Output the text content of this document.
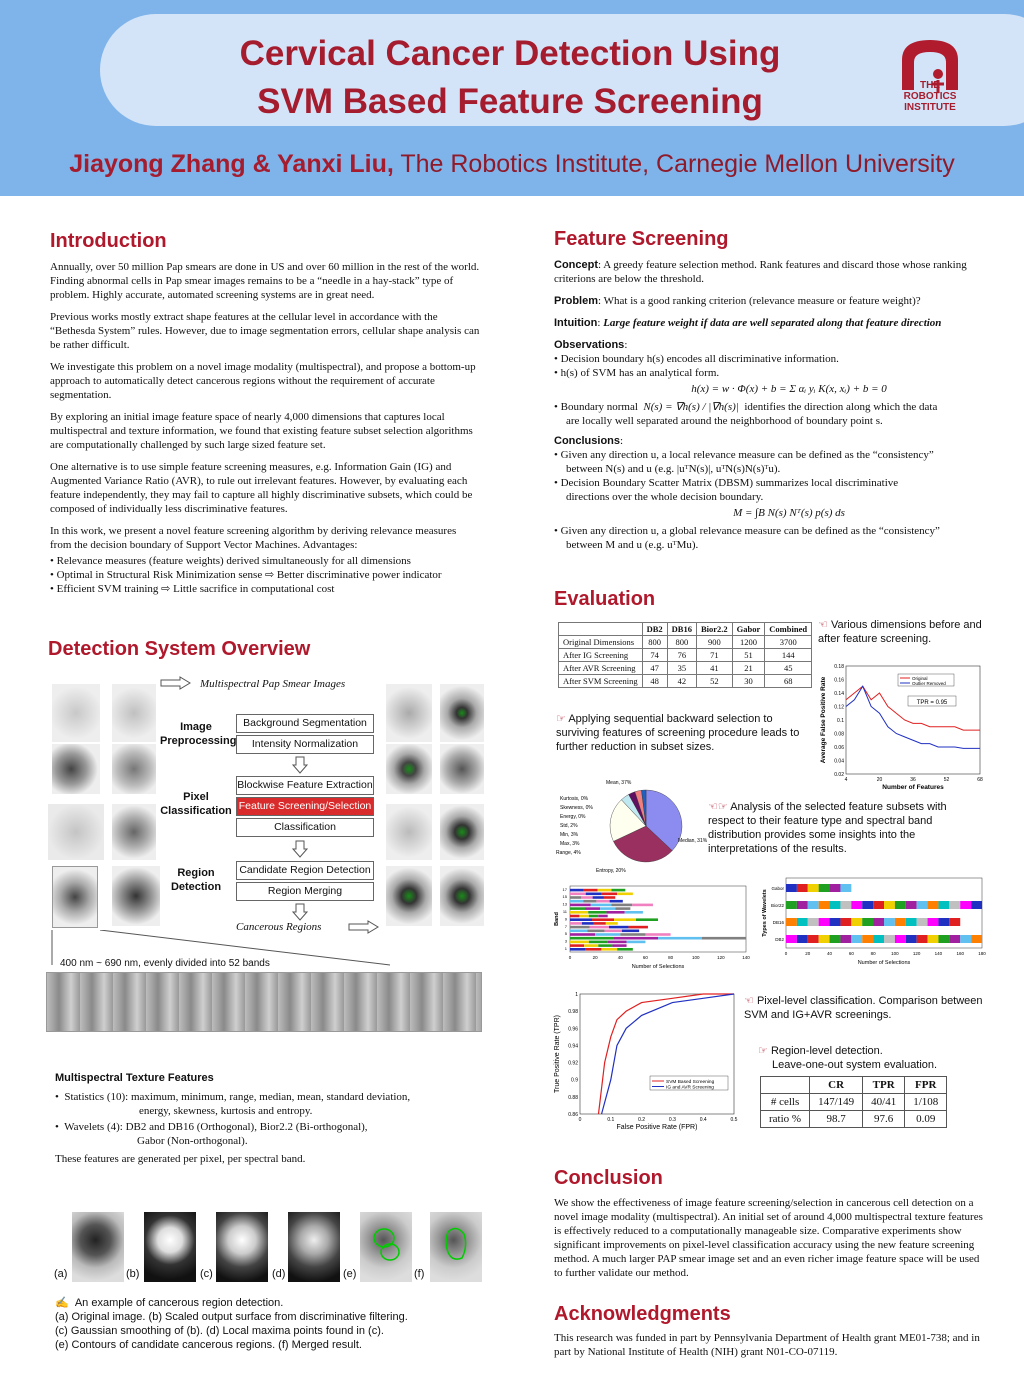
Cervical Cancer Detection Using
SVM Based Feature Screening	THE
ROBOTICS
INSTITUTE
Jiayong Zhang & Yanxi Liu, The Robotics Institute, Carnegie Mellon University
Introduction

Annually, over 50 million Pap smears are done in US and over 60 million in the rest of the world. Finding abnormal cells in Pap smear images remains to be a “needle in a hay-stack” type of problem. Highly accurate, automated screening systems are in great need.

Previous works mostly extract shape features at the cellular level in accordance with the “Bethesda System” rules. However, due to image segmentation errors, cellular shape analysis can be rather difficult.

We investigate this problem on a novel image modality (multispectral), and propose a bottom-up approach to automatically detect cancerous regions without the requirement of accurate segmentation.

By exploring an initial image feature space of nearly 4,000 dimensions that captures local multispectral and texture information, we found that existing feature subset selection algorithms are computationally challenged by such large sized feature set.

One alternative is to use simple feature screening measures, e.g. Information Gain (IG) and Augmented Variance Ratio (AVR), to rule out irrelevant features. However, by evaluating each feature independently, they may fail to capture all highly discriminative subsets, which could be composed of individually less discriminative features.

In this work, we present a novel feature screening algorithm by deriving relevance measures from the decision boundary of Support Vector Machines. Advantages:

• Relevance measures (feature weights) derived simultaneously for all dimensions
• Optimal in Structural Risk Minimization sense ⇨ Better discriminative power indicator
• Efficient SVM training ⇨ Little sacrifice in computational cost
Detection System Overview
Multispectral Pap Smear Images
Image
Preprocessing
Background Segmentation
Intensity Normalization
Pixel
Classification
Blockwise Feature Extraction
Feature Screening/Selection
Classification
Region
Detection
Candidate Region Detection
Region Merging
Cancerous Regions
400 nm ~ 690 nm, evenly divided into 52 bands
Multispectral Texture Features
•  Statistics (10): maximum, minimum, range, median, mean, standard deviation,
energy, skewness, kurtosis and entropy.
•  Wavelets (4): DB2 and DB16 (Orthogonal), Bior2.2 (Bi-orthogonal),
Gabor (Non-orthogonal).
These features are generated per pixel, per spectral band.
(a)	(b)	(c)	(d)	(e)	(f)
✍ An example of cancerous region detection.
(a) Original image. (b) Scaled output surface from discriminative filtering.
(c) Gaussian smoothing of (b). (d) Local maxima points found in (c).
(e) Contours of candidate cancerous regions. (f) Merged result.
Feature Screening

Concept: A greedy feature selection method. Rank features and discard those whose ranking criterions are below the threshold.

Problem: What is a good ranking criterion (relevance measure or feature weight)?

Intuition: Large feature weight if data are well separated along that feature direction

Observations:
• Decision boundary h(s) encodes all discriminative information.
• h(s) of SVM has an analytical form.
h(x) = w · Φ(x) + b = Σ αᵢ yᵢ K(x, xᵢ) + b = 0
• Boundary normal N(s) = ∇h(s) / |∇h(s)| identifies the direction along which the data
are locally well separated around the neighborhood of boundary point s.
Conclusions:
• Given any direction u, a local relevance measure can be defined as the “consistency”
between N(s) and u (e.g. |uᵀN(s)|, uᵀN(s)N(s)ᵀu).
• Decision Boundary Scatter Matrix (DBSM) summarizes local discriminative
directions over the whole decision boundary.
M = ∫B N(s) Nᵀ(s) p(s) ds
• Given any direction u, a global relevance measure can be defined as the “consistency”
between M and u (e.g. uᵀMu).
Evaluation
	DB2	DB16	Bior2.2	Gabor	Combined
Original Dimensions	800	800	900	1200	3700
After IG Screening	74	76	71	51	144
After AVR Screening	47	35	41	21	45
After SVM Screening	48	42	52	30	68
☜ Various dimensions before and after feature screening.
☞ Applying sequential backward selection to surviving features of screening procedure leads to further reduction in subset sizes.
0.02
0.04
0.06
0.08
0.1
0.12
0.14
0.16
0.18
4	20	36	52	68
Original
Outlier Removed
TPR = 0.95
Number of Features
Average False Positive Rate
Mean, 37%
Median, 31%
Entropy, 20%
Range, 4%
Max, 3%
Min, 3%
Std, 2%
Energy, 0%
Skewness, 0%
Kurtosis, 0%
☜☞ Analysis of the selected feature subsets with respect to their feature type and spectral band distribution provides some insights into the interpretations of the results.
0	20	40	60	80	100	120	140
1
3
5
7
9
11
13
15
17
Number of Selections
Band
Gabor
Bior22
DB16
DB2
0	20	40	60	80	100	120	140	160	180
Number of Selections
Types of Wavelets
0.86
0.88
0.9
0.92
0.94
0.96
0.98
1
0	0.1	0.2	0.3	0.4	0.5
SVM Based Screening
IG and AVR Screening
False Positive Rate (FPR)
True Positive Rate (TPR)
☜ Pixel-level classification. Comparison between SVM and IG+AVR screenings.
☞ Region-level detection.
Leave-one-out system evaluation.
	CR	TPR	FPR
# cells	147/149	40/41	1/108
ratio %	98.7	97.6	0.09
Conclusion
We show the effectiveness of image feature screening/selection in cancerous cell detection on a novel image modality (multispectral). An initial set of around 4,000 multispectral texture features is effectively reduced to a computationally manageable size. Comparative experiments show significant improvements on pixel-level classification accuracy using the new feature screening method. A much larger PAP smear image set and an even richer image feature space will be used to further validate our method.
Acknowledgments
This research was funded in part by Pennsylvania Department of Health grant ME01-738; and in part by National Institute of Health (NIH) grant N01-CO-07119.
